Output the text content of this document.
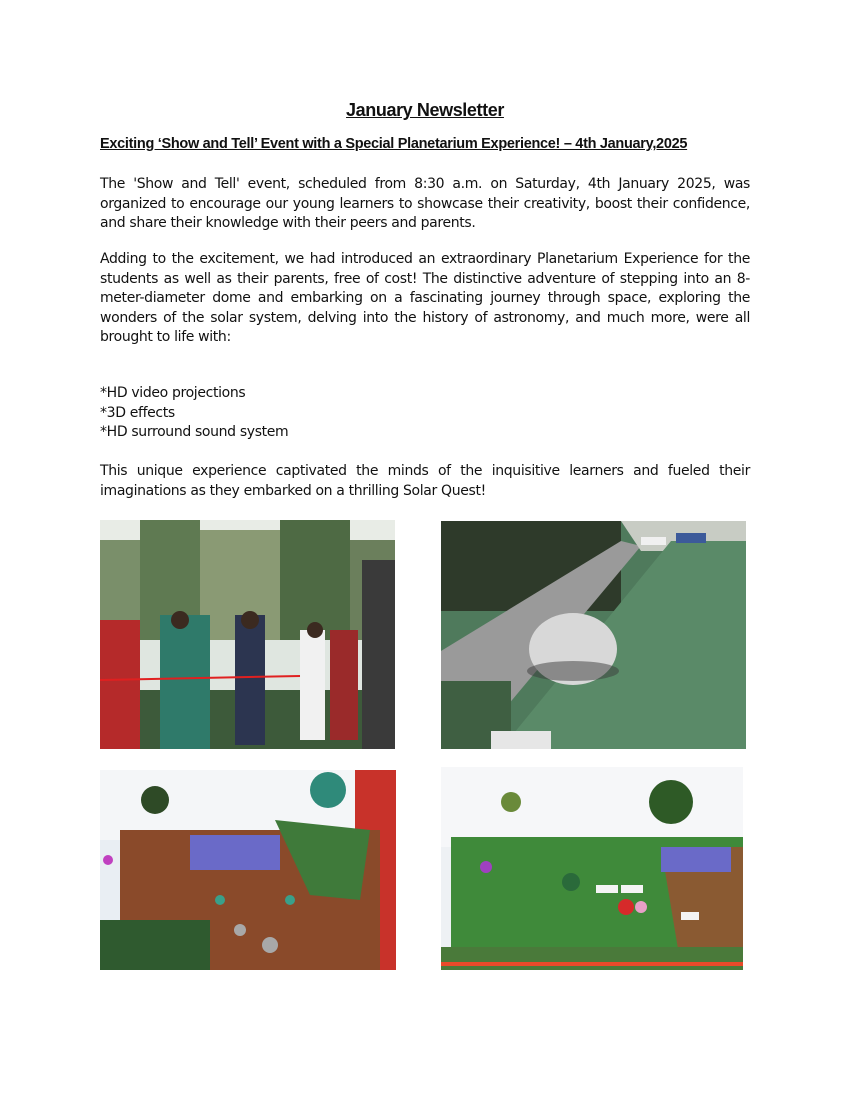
January Newsletter
Exciting ‘Show and Tell’ Event with a Special Planetarium Experience! – 4th January,2025
The 'Show and Tell' event, scheduled from 8:30 a.m. on Saturday, 4th January 2025, was organized to encourage our young learners to showcase their creativity, boost their confidence, and share their knowledge with their peers and parents.
Adding to the excitement, we had introduced an extraordinary Planetarium Experience for the students as well as their parents, free of cost! The distinctive adventure of stepping into an 8-meter-diameter dome and embarking on a fascinating journey through space, exploring the wonders of the solar system, delving into the history of astronomy, and much more, were all brought to life with:
*HD video projections
*3D effects
*HD surround sound system
This unique experience captivated the minds of the inquisitive learners and fueled their imaginations as they embarked on a thrilling Solar Quest!
